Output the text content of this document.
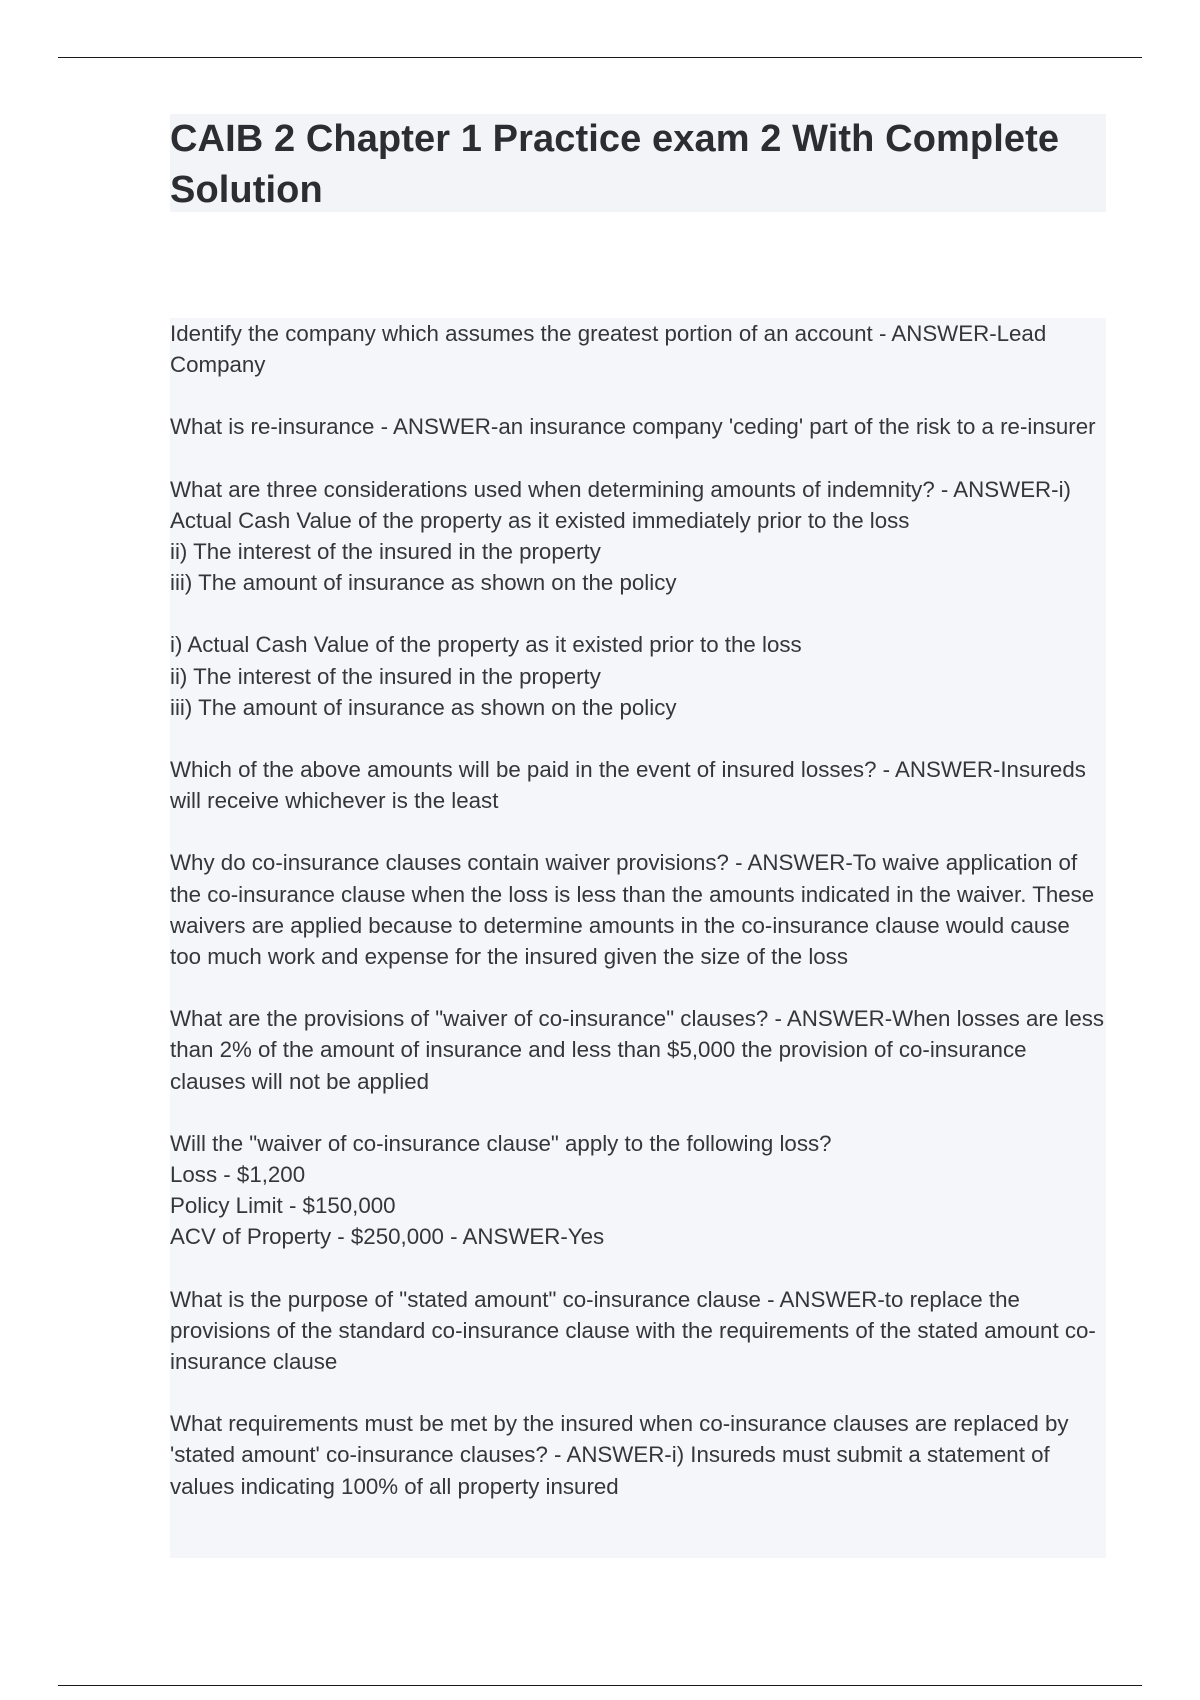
CAIB 2 Chapter 1 Practice exam 2 With Complete Solution

Identify the company which assumes the greatest portion of an account - ANSWER-Lead Company

What is re-insurance - ANSWER-an insurance company 'ceding' part of the risk to a re-insurer

What are three considerations used when determining amounts of indemnity? - ANSWER-i) Actual Cash Value of the property as it existed immediately prior to the loss
ii) The interest of the insured in the property
iii) The amount of insurance as shown on the policy

i) Actual Cash Value of the property as it existed prior to the loss
ii) The interest of the insured in the property
iii) The amount of insurance as shown on the policy

Which of the above amounts will be paid in the event of insured losses? - ANSWER-Insureds will receive whichever is the least

Why do co-insurance clauses contain waiver provisions? - ANSWER-To waive application of the co-insurance clause when the loss is less than the amounts indicated in the waiver. These waivers are applied because to determine amounts in the co-insurance clause would cause too much work and expense for the insured given the size of the loss

What are the provisions of "waiver of co-insurance" clauses? - ANSWER-When losses are less than 2% of the amount of insurance and less than $5,000 the provision of co-insurance clauses will not be applied

Will the "waiver of co-insurance clause" apply to the following loss?
Loss - $1,200
Policy Limit - $150,000
ACV of Property - $250,000 - ANSWER-Yes

What is the purpose of "stated amount" co-insurance clause - ANSWER-to replace the provisions of the standard co-insurance clause with the requirements of the stated amount co-insurance clause

What requirements must be met by the insured when co-insurance clauses are replaced by 'stated amount' co-insurance clauses? - ANSWER-i) Insureds must submit a statement of values indicating 100% of all property insured
